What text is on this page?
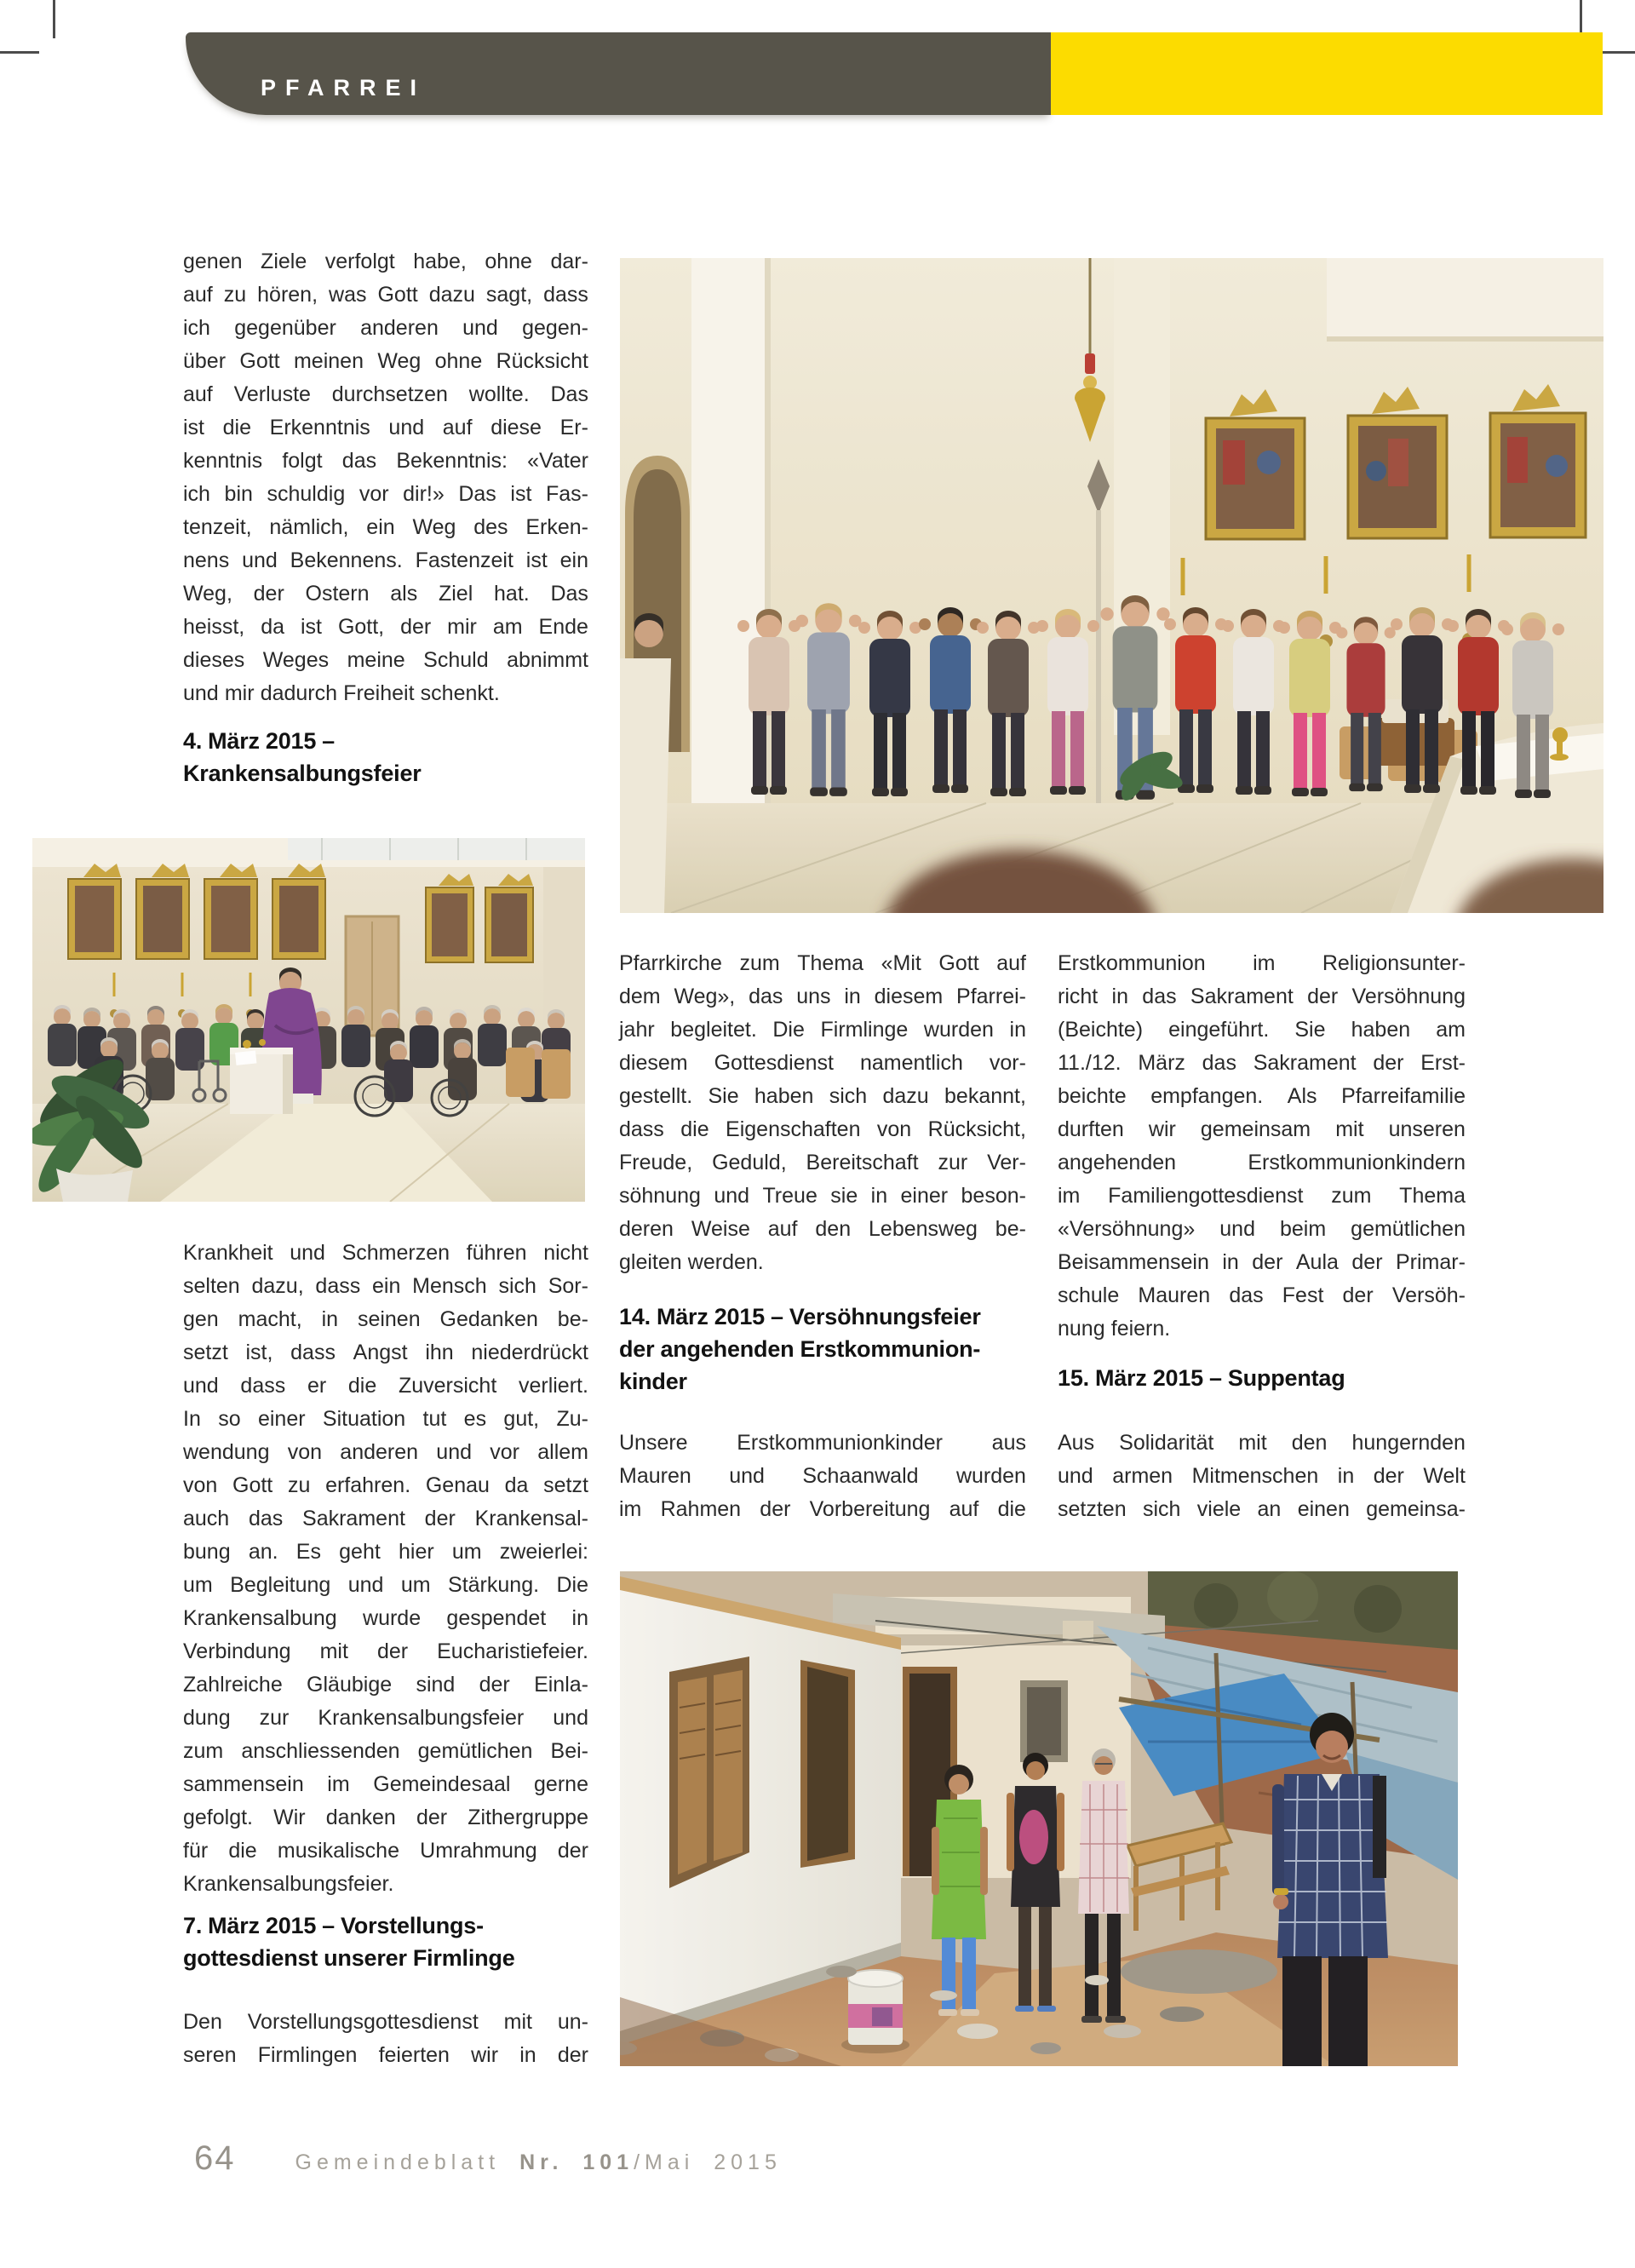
PFARREI
genen Ziele verfolgt habe, ohne dar-
auf zu hören, was Gott dazu sagt, dass
ich gegenüber anderen und gegen-
über Gott meinen Weg ohne Rücksicht
auf Verluste durchsetzen wollte. Das
ist die Erkenntnis und auf diese Er-
kenntnis folgt das Bekenntnis: «Vater
ich bin schuldig vor dir!» Das ist Fas-
tenzeit, nämlich, ein Weg des Erken-
nens und Bekennens. Fastenzeit ist ein
Weg, der Ostern als Ziel hat. Das
heisst, da ist Gott, der mir am Ende
dieses Weges meine Schuld abnimmt
und mir dadurch Freiheit schenkt.
4. März 2015 –
Krankensalbungsfeier
Krankheit und Schmerzen führen nicht
selten dazu, dass ein Mensch sich Sor-
gen macht, in seinen Gedanken be-
setzt ist, dass Angst ihn niederdrückt
und dass er die Zuversicht verliert.
In so einer Situation tut es gut, Zu-
wendung von anderen und vor allem
von Gott zu erfahren. Genau da setzt
auch das Sakrament der Krankensal-
bung an. Es geht hier um zweierlei:
um Begleitung und um Stärkung. Die
Krankensalbung wurde gespendet in
Verbindung mit der Eucharistiefeier.
Zahlreiche Gläubige sind der Einla-
dung zur Krankensalbungsfeier und
zum anschliessenden gemütlichen Bei-
sammensein im Gemeindesaal gerne
gefolgt. Wir danken der Zithergruppe
für die musikalische Umrahmung der
Krankensalbungsfeier.
7. März 2015 – Vorstellungs-
gottesdienst unserer Firmlinge
Den Vorstellungsgottesdienst mit un-
seren Firmlingen feierten wir in der
Pfarrkirche zum Thema «Mit Gott auf
dem Weg», das uns in diesem Pfarrei-
jahr begleitet. Die Firmlinge wurden in
diesem Gottesdienst namentlich vor-
gestellt. Sie haben sich dazu bekannt,
dass die Eigenschaften von Rücksicht,
Freude, Geduld, Bereitschaft zur Ver-
söhnung und Treue sie in einer beson-
deren Weise auf den Lebensweg be-
gleiten werden.
14. März 2015 – Versöhnungsfeier
der angehenden Erstkommunion-
kinder
Unsere Erstkommunionkinder aus
Mauren und Schaanwald wurden
im Rahmen der Vorbereitung auf die
Erstkommunion im Religionsunter-
richt in das Sakrament der Versöhnung
(Beichte) eingeführt. Sie haben am
11./12. März das Sakrament der Erst-
beichte empfangen. Als Pfarreifamilie
durften wir gemeinsam mit unseren
angehenden	Erstkommunionkindern
im Familiengottesdienst zum Thema
«Versöhnung» und beim gemütlichen
Beisammensein in der Aula der Primar-
schule Mauren das Fest der Versöh-
nung feiern.
15. März 2015 – Suppentag
Aus Solidarität mit den hungernden
und armen Mitmenschen in der Welt
setzten sich viele an einen gemeinsa-
64	Gemeindeblatt Nr. 101/Mai 2015
